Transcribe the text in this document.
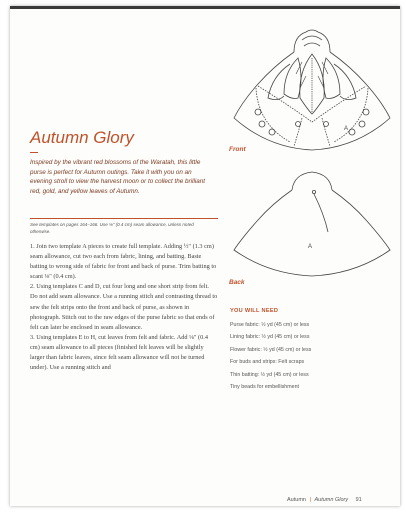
A
Front
A
Back
Autumn Glory
Inspired by the vibrant red blossoms of the Waratah, this little purse is perfect for Autumn outings. Take it with you on an evening stroll to view the harvest moon or to collect the brilliant red, gold, and yellow leaves of Autumn.
See templates on pages 164–166. Use ⅛" (0.4 cm) seam allowance, unless noted otherwise.

1. Join two template A pieces to create full template. Adding ½" (1.3 cm) seam allowance, cut two each from fabric, lining, and batting. Baste batting to wrong side of fabric for front and back of purse. Trim batting to scant ⅛" (0.4 cm).

2. Using templates C and D, cut four long and one short strip from felt. Do not add seam allowance. Use a running stitch and contrasting thread to sew the felt strips onto the front and back of purse, as shown in photograph. Stitch out to the raw edges of the purse fabric so that ends of felt can later be enclosed in seam allowance.

3. Using templates E to H, cut leaves from felt and fabric. Add ⅛" (0.4 cm) seam allowance to all pieces (finished felt leaves will be slightly larger than fabric leaves, since felt seam allowance will not be turned under). Use a running stitch and

YOU WILL NEED
Purse fabric: ½ yd (45 cm) or less
Lining fabric: ½ yd (45 cm) or less
Flower fabric: ½ yd (45 cm) or less
For buds and strips: Felt scraps
Thin batting: ½ yd (45 cm) or less
Tiny beads for embellishment
Autumn | Autumn Glory 91
